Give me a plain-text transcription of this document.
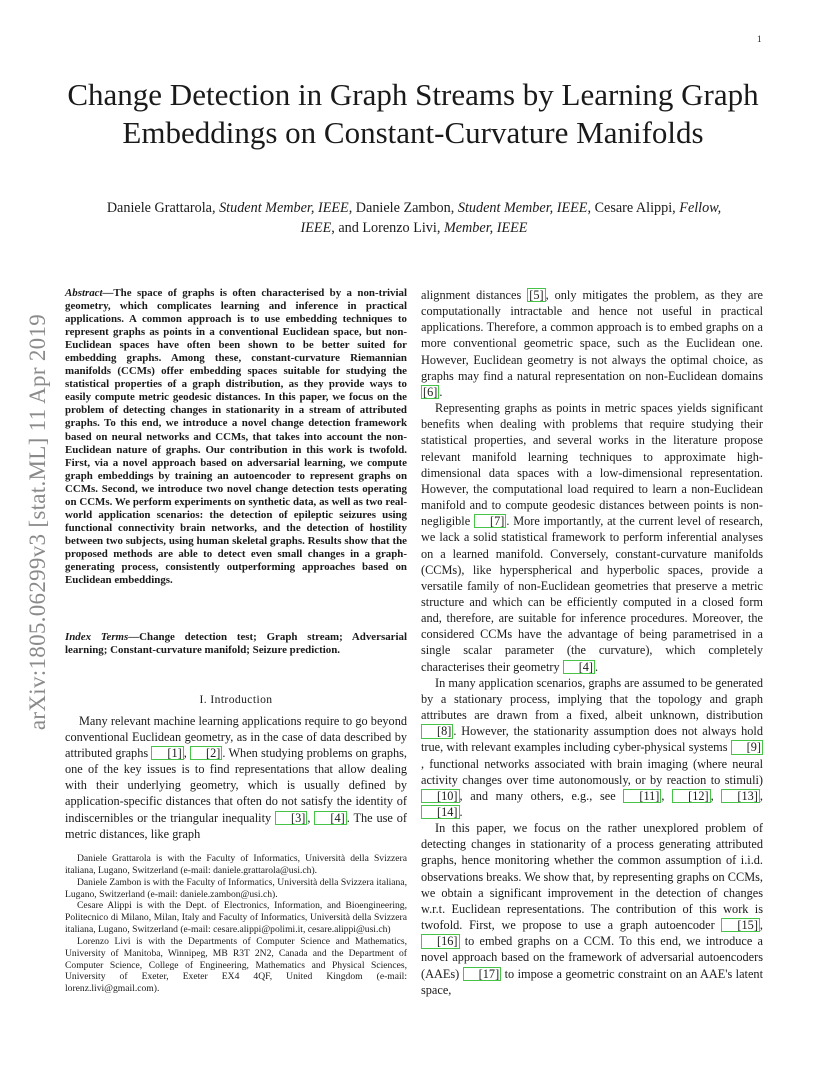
1
arXiv:1805.06299v3 [stat.ML] 11 Apr 2019
Change Detection in Graph Streams by Learning Graph Embeddings on Constant-Curvature Manifolds
Daniele Grattarola, Student Member, IEEE, Daniele Zambon, Student Member, IEEE, Cesare Alippi, Fellow, IEEE, and Lorenzo Livi, Member, IEEE
Abstract—The space of graphs is often characterised by a non-trivial geometry, which complicates learning and inference in practical applications. A common approach is to use embedding techniques to represent graphs as points in a conventional Euclidean space, but non-Euclidean spaces have often been shown to be better suited for embedding graphs. Among these, constant-curvature Riemannian manifolds (CCMs) offer embedding spaces suitable for studying the statistical properties of a graph distribution, as they provide ways to easily compute metric geodesic distances. In this paper, we focus on the problem of detecting changes in stationarity in a stream of attributed graphs. To this end, we introduce a novel change detection framework based on neural networks and CCMs, that takes into account the non-Euclidean nature of graphs. Our contribution in this work is twofold. First, via a novel approach based on adversarial learning, we compute graph embeddings by training an autoencoder to represent graphs on CCMs. Second, we introduce two novel change detection tests operating on CCMs. We perform experiments on synthetic data, as well as two real-world application scenarios: the detection of epileptic seizures using functional connectivity brain networks, and the detection of hostility between two subjects, using human skeletal graphs. Results show that the proposed methods are able to detect even small changes in a graph-generating process, consistently outperforming approaches based on Euclidean embeddings.
Index Terms—Change detection test; Graph stream; Adversarial learning; Constant-curvature manifold; Seizure prediction.
I. Introduction
Many relevant machine learning applications require to go beyond conventional Euclidean geometry, as in the case of data described by attributed graphs [1] , [2] . When studying problems on graphs, one of the key issues is to find representations that allow dealing with their underlying geometry, which is usually defined by application-specific distances that often do not satisfy the identity of indiscernibles or the triangular inequality [3] , [4] . The use of metric distances, like graph

Daniele Grattarola is with the Faculty of Informatics, Università della Svizzera italiana, Lugano, Switzerland (e-mail: daniele.grattarola@usi.ch).

Daniele Zambon is with the Faculty of Informatics, Università della Svizzera italiana, Lugano, Switzerland (e-mail: daniele.zambon@usi.ch).

Cesare Alippi is with the Dept. of Electronics, Information, and Bioengineering, Politecnico di Milano, Milan, Italy and Faculty of Informatics, Università della Svizzera italiana, Lugano, Switzerland (e-mail: cesare.alippi@polimi.it, cesare.alippi@usi.ch)

Lorenzo Livi is with the Departments of Computer Science and Mathematics, University of Manitoba, Winnipeg, MB R3T 2N2, Canada and the Department of Computer Science, College of Engineering, Mathematics and Physical Sciences, University of Exeter, Exeter EX4 4QF, United Kingdom (e-mail: lorenz.livi@gmail.com).

alignment distances [5] , only mitigates the problem, as they are computationally intractable and hence not useful in practical applications. Therefore, a common approach is to embed graphs on a more conventional geometric space, such as the Euclidean one. However, Euclidean geometry is not always the optimal choice, as graphs may find a natural representation on non-Euclidean domains [6] .

Representing graphs as points in metric spaces yields significant benefits when dealing with problems that require studying their statistical properties, and several works in the literature propose relevant manifold learning techniques to approximate high-dimensional data spaces with a low-dimensional representation. However, the computational load required to learn a non-Euclidean manifold and to compute geodesic distances between points is non-negligible [7] . More importantly, at the current level of research, we lack a solid statistical framework to perform inferential analyses on a learned manifold. Conversely, constant-curvature manifolds (CCMs), like hyperspherical and hyperbolic spaces, provide a versatile family of non-Euclidean geometries that preserve a metric structure and which can be efficiently computed in a closed form and, therefore, are suitable for inference procedures. Moreover, the considered CCMs have the advantage of being parametrised in a single scalar parameter (the curvature), which completely characterises their geometry [4] .

In many application scenarios, graphs are assumed to be generated by a stationary process, implying that the topology and graph attributes are drawn from a fixed, albeit unknown, distribution [8] . However, the stationarity assumption does not always hold true, with relevant examples including cyber-physical systems [9], functional networks associated with brain imaging (where neural activity changes over time autonomously, or by reaction to stimuli) [10] , and many others, e.g., see [11] , [12] , [13] , [14] .

In this paper, we focus on the rather unexplored problem of detecting changes in stationarity of a process generating attributed graphs, hence monitoring whether the common assumption of i.i.d. observations breaks. We show that, by representing graphs on CCMs, we obtain a significant improvement in the detection of changes w.r.t. Euclidean representations. The contribution of this work is twofold. First, we propose to use a graph autoencoder [15] , [16] to embed graphs on a CCM. To this end, we introduce a novel approach based on the framework of adversarial autoencoders (AAEs) [17] to impose a geometric constraint on an AAE's latent space,
